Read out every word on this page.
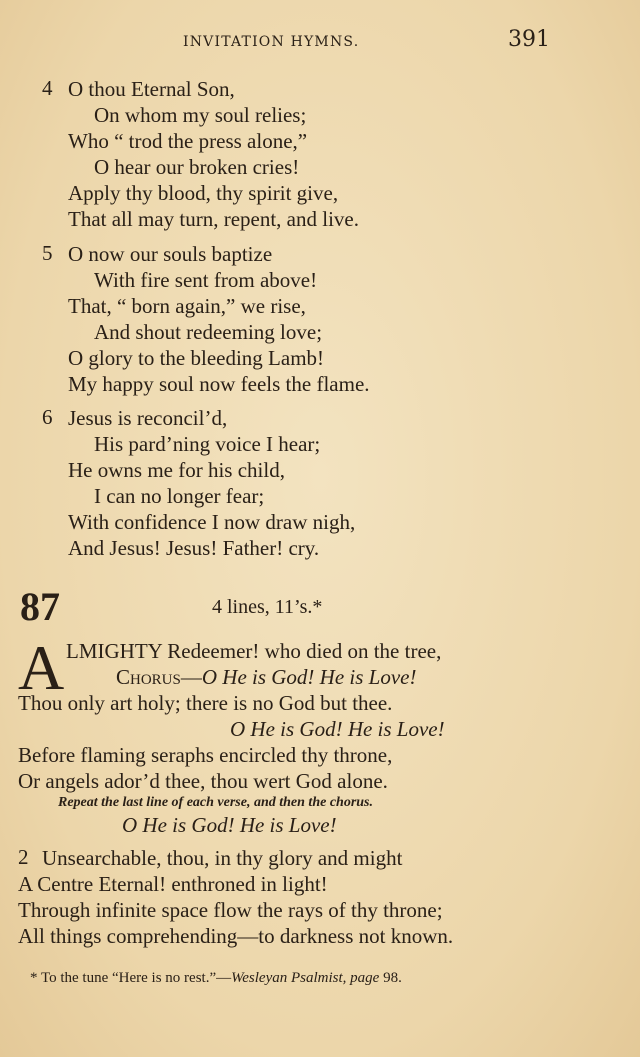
INVITATION HYMNS.	391
4 O thou Eternal Son,
On whom my soul relies;
Who “ trod the press alone,”
O hear our broken cries!
Apply thy blood, thy spirit give,
That all may turn, repent, and live.
5 O now our souls baptize
With fire sent from above!
That, “ born again,” we rise,
And shout redeeming love;
O glory to the bleeding Lamb!
My happy soul now feels the flame.
6 Jesus is reconcil’d,
His pard’ning voice I hear;
He owns me for his child,
I can no longer fear;
With confidence I now draw nigh,
And Jesus! Jesus! Father! cry.
87	4 lines, 11’s.*
A LMIGHTY Redeemer! who died on the tree,
Chorus—O He is God! He is Love!
Thou only art holy; there is no God but thee.
O He is God! He is Love!
Before flaming seraphs encircled thy throne,
Or angels ador’d thee, thou wert God alone.
Repeat the last line of each verse, and then the chorus.
O He is God! He is Love!
2 Unsearchable, thou, in thy glory and might
A Centre Eternal! enthroned in light!
Through infinite space flow the rays of thy throne;
All things comprehending—to darkness not known.
* To the tune “Here is no rest.”—Wesleyan Psalmist, page 98.
